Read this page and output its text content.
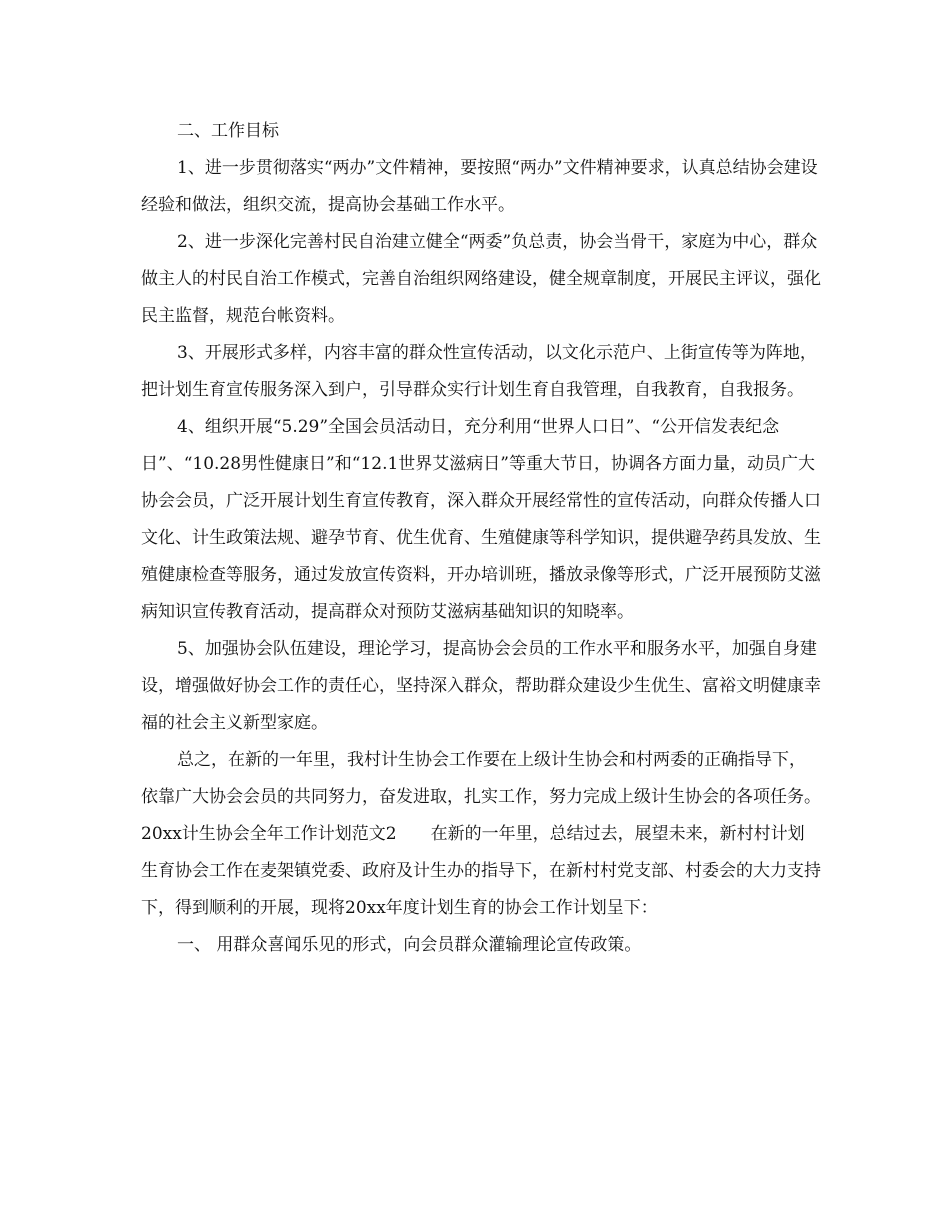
二、工作目标

1、进一步贯彻落实“两办”文件精神，要按照“两办”文件精神要求，认真总结协会建设经验和做法，组织交流，提高协会基础工作水平。

2、进一步深化完善村民自治建立健全“两委”负总责，协会当骨干，家庭为中心，群众做主人的村民自治工作模式，完善自治组织网络建设，健全规章制度，开展民主评议，强化民主监督，规范台帐资料。

3、开展形式多样，内容丰富的群众性宣传活动，以文化示范户、上街宣传等为阵地，把计划生育宣传服务深入到户，引导群众实行计划生育自我管理，自我教育，自我报务。

4、组织开展“5.29”全国会员活动日，充分利用“世界人口日”、“公开信发表纪念日”、“10.28男性健康日”和“12.1世界艾滋病日”等重大节日，协调各方面力量，动员广大协会会员，广泛开展计划生育宣传教育，深入群众开展经常性的宣传活动，向群众传播人口文化、计生政策法规、避孕节育、优生优育、生殖健康等科学知识，提供避孕药具发放、生殖健康检查等服务，通过发放宣传资料，开办培训班，播放录像等形式，广泛开展预防艾滋病知识宣传教育活动，提高群众对预防艾滋病基础知识的知晓率。

5、加强协会队伍建设，理论学习，提高协会会员的工作水平和服务水平，加强自身建设，增强做好协会工作的责任心，坚持深入群众，帮助群众建设少生优生、富裕文明健康幸福的社会主义新型家庭。

总之，在新的一年里，我村计生协会工作要在上级计生协会和村两委的正确指导下，依靠广大协会会员的共同努力，奋发进取，扎实工作，努力完成上级计生协会的各项任务。

20xx计生协会全年工作计划范文2　　在新的一年里，总结过去，展望未来，新村村计划生育协会工作在麦架镇党委、政府及计生办的指导下，在新村村党支部、村委会的大力支持下，得到顺利的开展，现将20xx年度计划生育的协会工作计划呈下：

一、 用群众喜闻乐见的形式，向会员群众灌输理论宣传政策。
